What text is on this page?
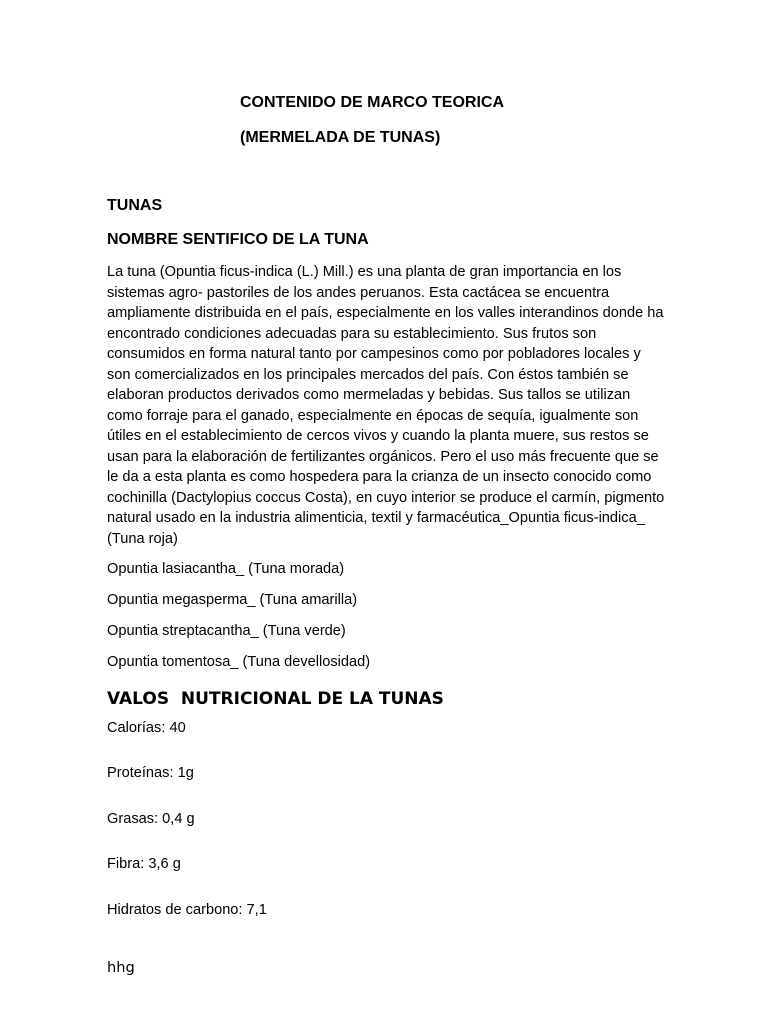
CONTENIDO DE MARCO TEORICA

(MERMELADA DE TUNAS)

TUNAS

NOMBRE SENTIFICO DE LA TUNA

La tuna (Opuntia ficus-indica (L.) Mill.) es una planta de gran importancia en los sistemas agro- pastoriles de los andes peruanos. Esta cactácea se encuentra ampliamente distribuida en el país, especialmente en los valles interandinos donde ha encontrado condiciones adecuadas para su establecimiento. Sus frutos son consumidos en forma natural tanto por campesinos como por pobladores locales y son comercializados en los principales mercados del país. Con éstos también se elaboran productos derivados como mermeladas y bebidas. Sus tallos se utilizan como forraje para el ganado, especialmente en épocas de sequía, igualmente son útiles en el establecimiento de cercos vivos y cuando la planta muere, sus restos se usan para la elaboración de fertilizantes orgánicos. Pero el uso más frecuente que se le da a esta planta es como hospedera para la crianza de un insecto conocido como cochinilla (Dactylopius coccus Costa), en cuyo interior se produce el carmín, pigmento natural usado en la industria alimenticia, textil y farmacéutica_Opuntia ficus-indica_ (Tuna roja)

Opuntia lasiacantha_ (Tuna morada)

Opuntia megasperma_ (Tuna amarilla)

Opuntia streptacantha_ (Tuna verde)

Opuntia tomentosa_ (Tuna devellosidad)

VALOS  NUTRICIONAL DE LA TUNAS

Calorías: 40

Proteínas: 1g

Grasas: 0,4 g

Fibra: 3,6 g

Hidratos de carbono: 7,1

hhg
